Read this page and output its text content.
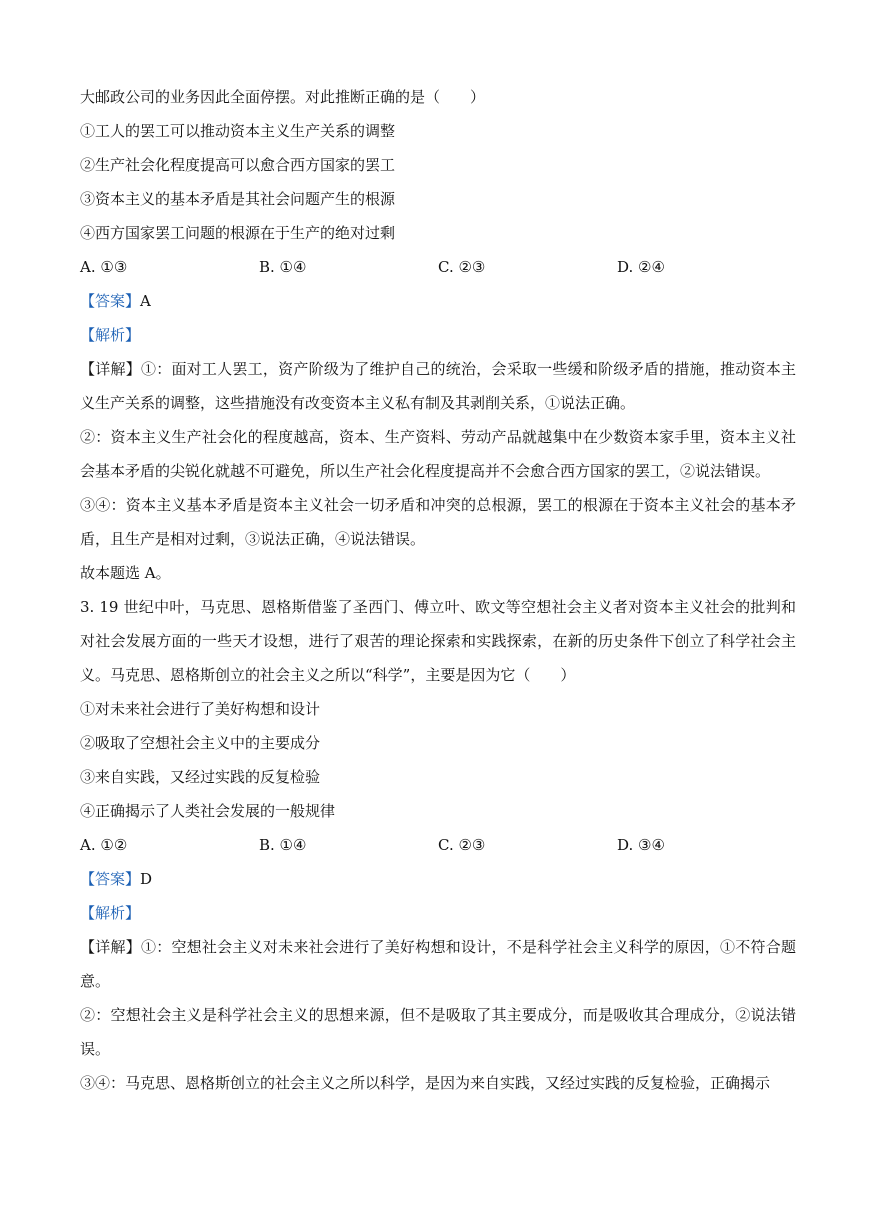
大邮政公司的业务因此全面停摆。对此推断正确的是（　　）
①工人的罢工可以推动资本主义生产关系的调整
②生产社会化程度提高可以愈合西方国家的罢工
③资本主义的基本矛盾是其社会问题产生的根源
④西方国家罢工问题的根源在于生产的绝对过剩
A. ①③	B. ①④	C. ②③	D. ②④
【答案】A
【解析】
【详解】①：面对工人罢工，资产阶级为了维护自己的统治，会采取一些缓和阶级矛盾的措施，推动资本主义生产关系的调整，这些措施没有改变资本主义私有制及其剥削关系，①说法正确。
②：资本主义生产社会化的程度越高，资本、生产资料、劳动产品就越集中在少数资本家手里，资本主义社会基本矛盾的尖锐化就越不可避免，所以生产社会化程度提高并不会愈合西方国家的罢工，②说法错误。
③④：资本主义基本矛盾是资本主义社会一切矛盾和冲突的总根源，罢工的根源在于资本主义社会的基本矛盾，且生产是相对过剩，③说法正确，④说法错误。
故本题选 A。
3. 19 世纪中叶，马克思、恩格斯借鉴了圣西门、傅立叶、欧文等空想社会主义者对资本主义社会的批判和对社会发展方面的一些天才设想，进行了艰苦的理论探索和实践探索，在新的历史条件下创立了科学社会主义。马克思、恩格斯创立的社会主义之所以“科学”，主要是因为它（　　）
①对未来社会进行了美好构想和设计
②吸取了空想社会主义中的主要成分
③来自实践，又经过实践的反复检验
④正确揭示了人类社会发展的一般规律
A. ①②	B. ①④	C. ②③	D. ③④
【答案】D
【解析】
【详解】①：空想社会主义对未来社会进行了美好构想和设计，不是科学社会主义科学的原因，①不符合题意。
②：空想社会主义是科学社会主义的思想来源，但不是吸取了其主要成分，而是吸收其合理成分，②说法错误。
③④：马克思、恩格斯创立的社会主义之所以科学，是因为来自实践，又经过实践的反复检验，正确揭示
